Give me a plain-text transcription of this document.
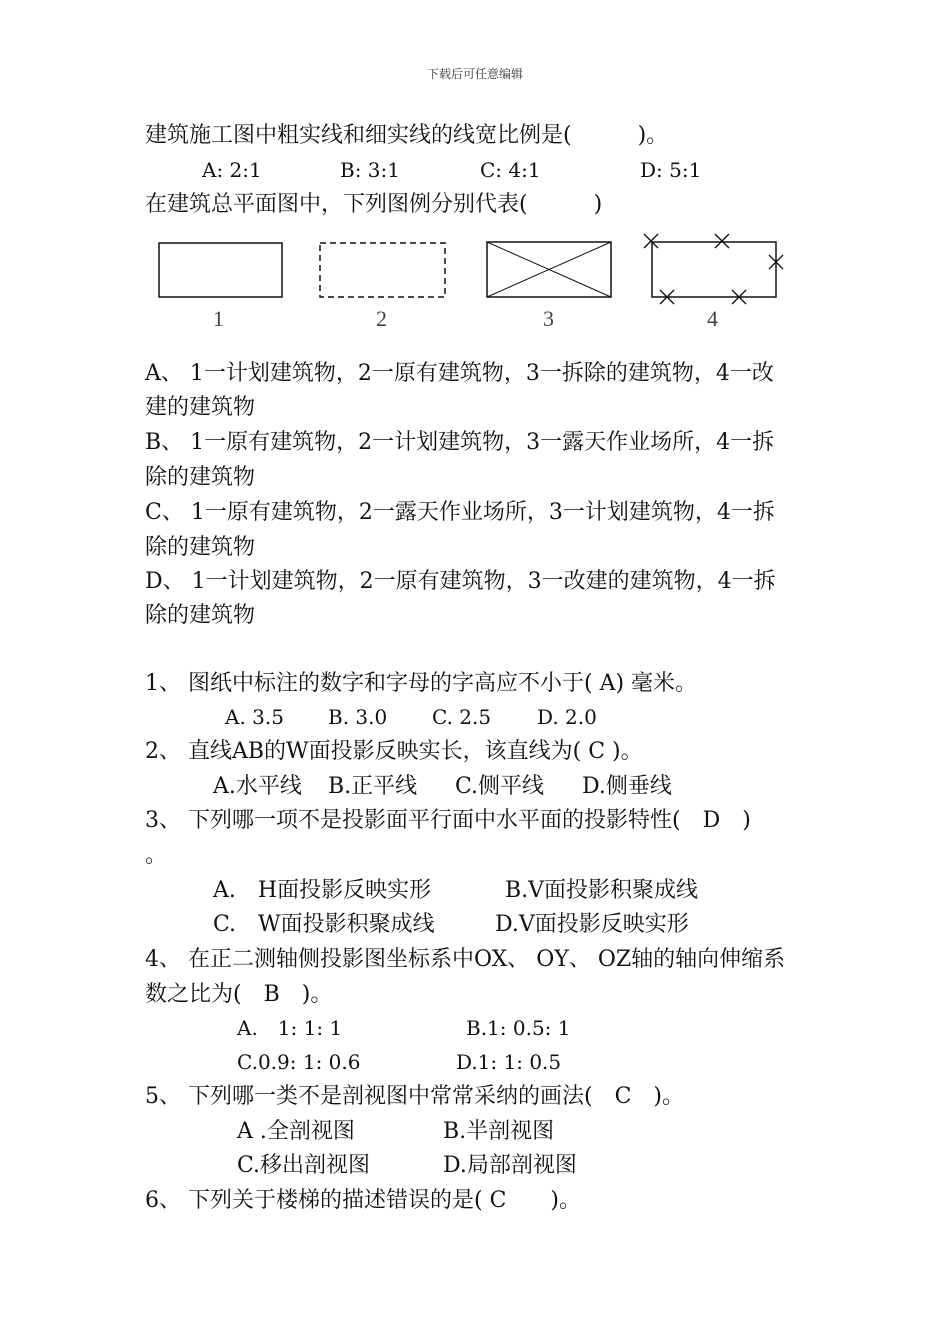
下载后可任意编辑
建筑施工图中粗实线和细实线的线宽比例是(　　　)。
A: 2:1	B: 3:1	C: 4:1	D: 5:1
在建筑总平面图中，下列图例分别代表(　　　)
1	2	3	4
A、 1一计划建筑物，2一原有建筑物，3一拆除的建筑物，4一改
建的建筑物
B、 1一原有建筑物，2一计划建筑物，3一露天作业场所，4一拆
除的建筑物
C、 1一原有建筑物，2一露天作业场所，3一计划建筑物，4一拆
除的建筑物
D、 1一计划建筑物，2一原有建筑物，3一改建的建筑物，4一拆
除的建筑物
1、 图纸中标注的数字和字母的字高应不小于( A) 毫米。
A. 3.5 B. 3.0 C. 2.5 D. 2.0
2、 直线AB的W面投影反映实长，该直线为( C )。
A.水平线 B.正平线 C.侧平线 D.侧垂线
3、 下列哪一项不是投影面平行面中水平面的投影特性(　D　)
。
A.　H面投影反映实形	B.V面投影积聚成线
C.　W面投影积聚成线	D.V面投影反映实形
4、 在正二测轴侧投影图坐标系中OX、 OY、 OZ轴的轴向伸缩系
数之比为(　B　)。
A.　1: 1: 1	B.1: 0.5: 1
C.0.9: 1: 0.6	D.1: 1: 0.5
5、 下列哪一类不是剖视图中常常采纳的画法(　C　)。
A .全剖视图	B.半剖视图
C.移出剖视图	D.局部剖视图
6、 下列关于楼梯的描述错误的是( C　　)。
